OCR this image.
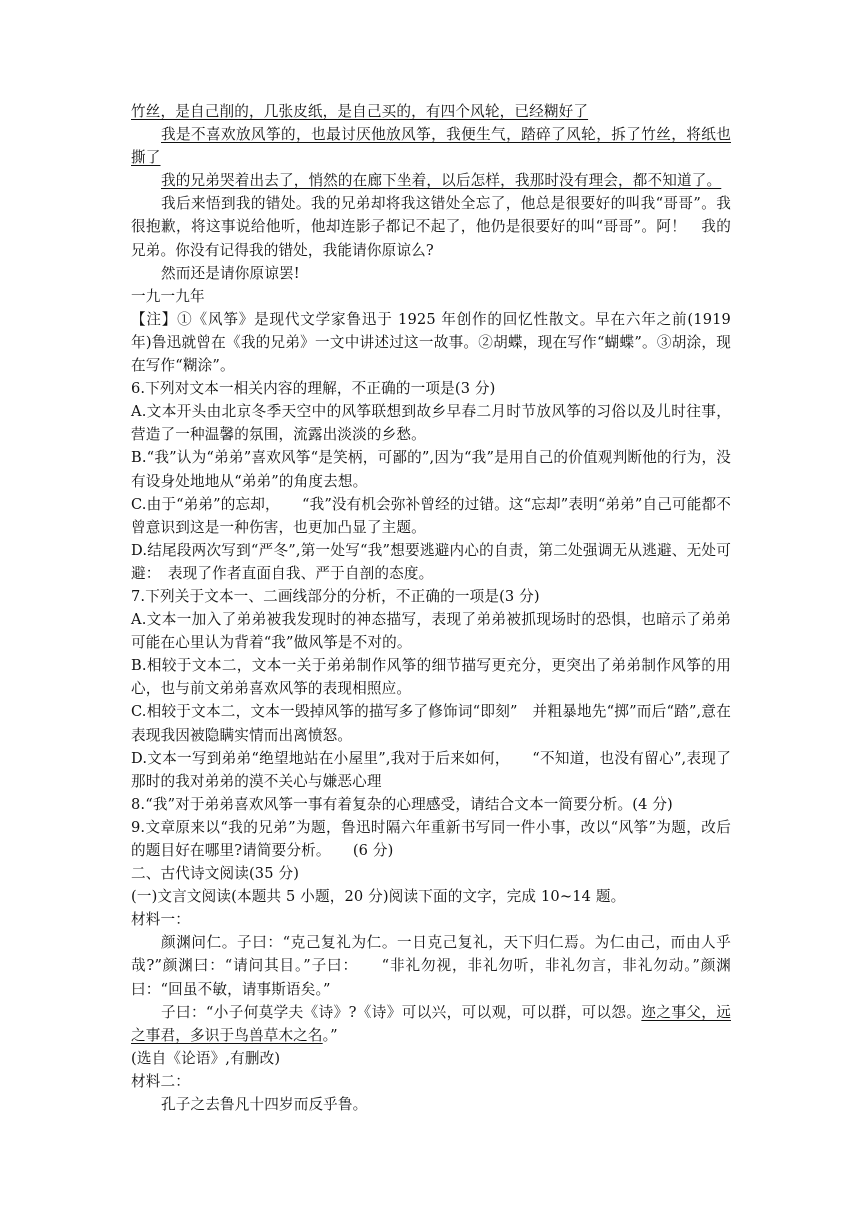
竹丝，是自己削的，几张皮纸，是自己买的，有四个风轮，已经糊好了

我是不喜欢放风筝的，也最讨厌他放风筝，我便生气，踏碎了风轮，拆了竹丝，将纸也撕了

我的兄弟哭着出去了，悄然的在廊下坐着，以后怎样，我那时没有理会，都不知道了。

我后来悟到我的错处。我的兄弟却将我这错处全忘了，他总是很要好的叫我“哥哥”。我很抱歉，将这事说给他听，他却连影子都记不起了，他仍是很要好的叫“哥哥”。阿！　我的兄弟。你没有记得我的错处，我能请你原谅么?

然而还是请你原谅罢!

一九一九年

【注】①《风筝》是现代文学家鲁迅于 1925 年创作的回忆性散文。早在六年之前(1919 年)鲁迅就曾在《我的兄弟》一文中讲述过这一故事。②胡蝶，现在写作“蝴蝶”。③胡涂，现在写作“糊涂”。

6.下列对文本一相关内容的理解，不正确的一项是(3 分)

A.文本开头由北京冬季天空中的风筝联想到故乡早春二月时节放风筝的习俗以及儿时往事，营造了一种温馨的氛围，流露出淡淡的乡愁。

B.“我”认为“弟弟”喜欢风筝“是笑柄，可鄙的”,因为“我”是用自己的价值观判断他的行为，没有设身处地地从“弟弟”的角度去想。

C.由于“弟弟”的忘却，　　“我”没有机会弥补曾经的过错。这“忘却”表明“弟弟”自己可能都不曾意识到这是一种伤害，也更加凸显了主题。

D.结尾段两次写到“严冬”,第一处写“我”想要逃避内心的自责，第二处强调无从逃避、无处可避：　表现了作者直面自我、严于自剖的态度。

7.下列关于文本一、二画线部分的分析，不正确的一项是(3 分)

A.文本一加入了弟弟被我发现时的神态描写，表现了弟弟被抓现场时的恐惧，也暗示了弟弟可能在心里认为背着“我”做风筝是不对的。

B.相较于文本二，文本一关于弟弟制作风筝的细节描写更充分，更突出了弟弟制作风筝的用心，也与前文弟弟喜欢风筝的表现相照应。

C.相较于文本二，文本一毁掉风筝的描写多了修饰词“即刻”　并粗暴地先“掷”而后“踏”,意在表现我因被隐瞒实情而出离愤怒。

D.文本一写到弟弟“绝望地站在小屋里”,我对于后来如何，　　“不知道，也没有留心”,表现了那时的我对弟弟的漠不关心与嫌恶心理

8.“我”对于弟弟喜欢风筝一事有着复杂的心理感受，请结合文本一简要分析。(4 分)

9.文章原来以“我的兄弟”为题，鲁迅时隔六年重新书写同一件小事，改以“风筝”为题，改后的题目好在哪里?请简要分析。　　(6 分)

二、古代诗文阅读(35 分)

(一)文言文阅读(本题共 5 小题，20 分)阅读下面的文字，完成 10~14 题。

材料一：

颜渊问仁。子曰：“克己复礼为仁。一日克己复礼，天下归仁焉。为仁由己，而由人乎哉?”颜渊曰：“请问其目。”子曰：　　“非礼勿视，非礼勿听，非礼勿言，非礼勿动。”颜渊曰：“回虽不敏，请事斯语矣。”

子曰：“小子何莫学夫《诗》?《诗》可以兴，可以观，可以群，可以怨。迩之事父，远之事君，多识于鸟兽草木之名。”

(选自《论语》,有删改)

材料二：

孔子之去鲁凡十四岁而反乎鲁。
